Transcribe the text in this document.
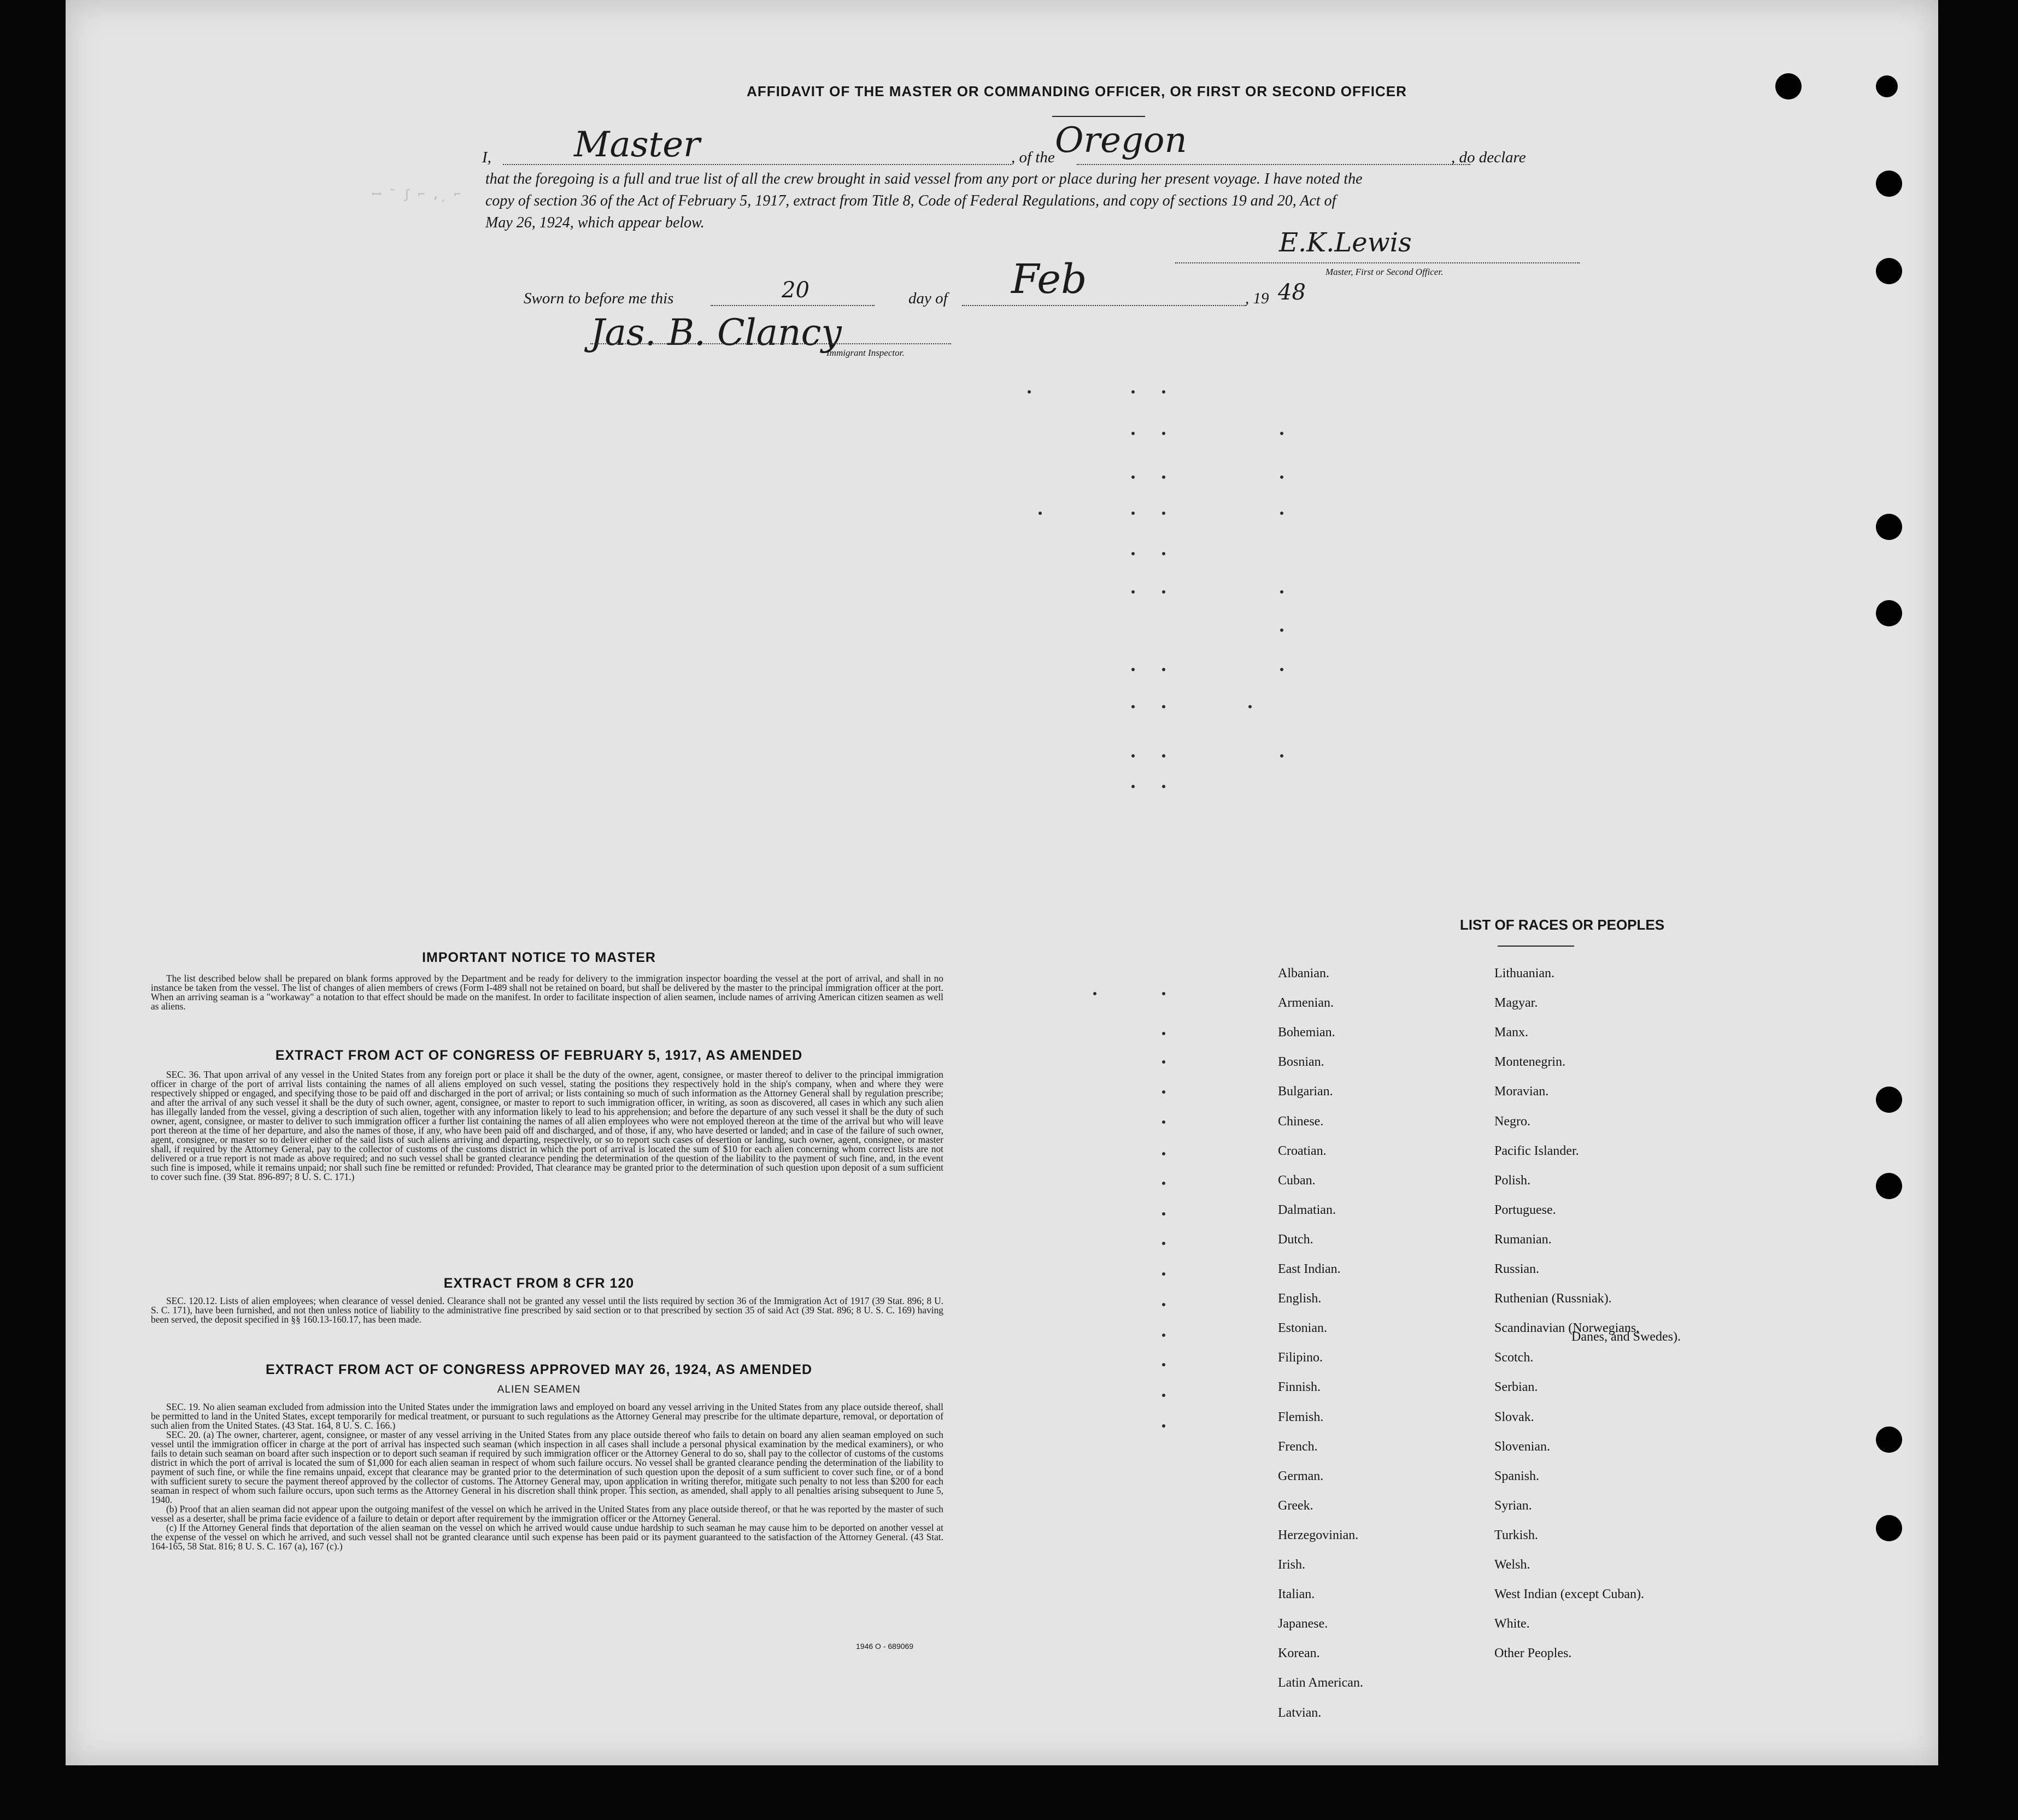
AFFIDAVIT OF THE MASTER OR COMMANDING OFFICER, OR FIRST OR SECOND OFFICER
I, Master	, of the Oregon	, do declare
that the foregoing is a full and true list of all the crew brought in said vessel from any port or place during her present voyage. I have noted the
copy of section 36 of the Act of February 5, 1917, extract from Title 8, Code of Federal Regulations, and copy of sections 19 and 20, Act of
May 26, 1924, which appear below.
E.K.Lewis
Master, First or Second Officer.
Sworn to before me this	20	day of Feb	, 19 48
Jas. B. Clancy
Immigrant Inspector.
ꟷ ˜ ʃ ⌐ ,ˏ ⌐
IMPORTANT NOTICE TO MASTER

The list described below shall be prepared on blank forms approved by the Department and be ready for delivery to the immigration inspector boarding the vessel at the port of arrival, and shall in no instance be taken from the vessel. The list of changes of alien members of crews (Form I-489 shall not be retained on board, but shall be delivered by the master to the principal immigration officer at the port. When an arriving seaman is a "workaway" a notation to that effect should be made on the manifest. In order to facilitate inspection of alien seamen, include names of arriving American citizen seamen as well as aliens.

EXTRACT FROM ACT OF CONGRESS OF FEBRUARY 5, 1917, AS AMENDED

SEC. 36. That upon arrival of any vessel in the United States from any foreign port or place it shall be the duty of the owner, agent, consignee, or master thereof to deliver to the principal immigration officer in charge of the port of arrival lists containing the names of all aliens employed on such vessel, stating the positions they respectively hold in the ship's company, when and where they were respectively shipped or engaged, and specifying those to be paid off and discharged in the port of arrival; or lists containing so much of such information as the Attorney General shall by regulation prescribe; and after the arrival of any such vessel it shall be the duty of such owner, agent, consignee, or master to report to such immigration officer, in writing, as soon as discovered, all cases in which any such alien has illegally landed from the vessel, giving a description of such alien, together with any information likely to lead to his apprehension; and before the departure of any such vessel it shall be the duty of such owner, agent, consignee, or master to deliver to such immigration officer a further list containing the names of all alien employees who were not employed thereon at the time of the arrival but who will leave port thereon at the time of her departure, and also the names of those, if any, who have been paid off and discharged, and of those, if any, who have deserted or landed; and in case of the failure of such owner, agent, consignee, or master so to deliver either of the said lists of such aliens arriving and departing, respectively, or so to report such cases of desertion or landing, such owner, agent, consignee, or master shall, if required by the Attorney General, pay to the collector of customs of the customs district in which the port of arrival is located the sum of $10 for each alien concerning whom correct lists are not delivered or a true report is not made as above required; and no such vessel shall be granted clearance pending the determination of the question of the liability to the payment of such fine, and, in the event such fine is imposed, while it remains unpaid; nor shall such fine be remitted or refunded: Provided, That clearance may be granted prior to the determination of such question upon deposit of a sum sufficient to cover such fine. (39 Stat. 896-897; 8 U. S. C. 171.)

EXTRACT FROM 8 CFR 120

SEC. 120.12. Lists of alien employees; when clearance of vessel denied. Clearance shall not be granted any vessel until the lists required by section 36 of the Immigration Act of 1917 (39 Stat. 896; 8 U. S. C. 171), have been furnished, and not then unless notice of liability to the administrative fine prescribed by said section or to that prescribed by section 35 of said Act (39 Stat. 896; 8 U. S. C. 169) having been served, the deposit specified in §§ 160.13-160.17, has been made.

EXTRACT FROM ACT OF CONGRESS APPROVED MAY 26, 1924, AS AMENDED
ALIEN SEAMEN

SEC. 19. No alien seaman excluded from admission into the United States under the immigration laws and employed on board any vessel arriving in the United States from any place outside thereof, shall be permitted to land in the United States, except temporarily for medical treatment, or pursuant to such regulations as the Attorney General may prescribe for the ultimate departure, removal, or deportation of such alien from the United States. (43 Stat. 164, 8 U. S. C. 166.)

SEC. 20. (a) The owner, charterer, agent, consignee, or master of any vessel arriving in the United States from any place outside thereof who fails to detain on board any alien seaman employed on such vessel until the immigration officer in charge at the port of arrival has inspected such seaman (which inspection in all cases shall include a personal physical examination by the medical examiners), or who fails to detain such seaman on board after such inspection or to deport such seaman if required by such immigration officer or the Attorney General to do so, shall pay to the collector of customs of the customs district in which the port of arrival is located the sum of $1,000 for each alien seaman in respect of whom such failure occurs. No vessel shall be granted clearance pending the determination of the liability to payment of such fine, or while the fine remains unpaid, except that clearance may be granted prior to the determination of such question upon the deposit of a sum sufficient to cover such fine, or of a bond with sufficient surety to secure the payment thereof approved by the collector of customs. The Attorney General may, upon application in writing therefor, mitigate such penalty to not less than $200 for each seaman in respect of whom such failure occurs, upon such terms as the Attorney General in his discretion shall think proper. This section, as amended, shall apply to all penalties arising subsequent to June 5, 1940.

(b) Proof that an alien seaman did not appear upon the outgoing manifest of the vessel on which he arrived in the United States from any place outside thereof, or that he was reported by the master of such vessel as a deserter, shall be prima facie evidence of a failure to detain or deport after requirement by the immigration officer or the Attorney General.

(c) If the Attorney General finds that deportation of the alien seaman on the vessel on which he arrived would cause undue hardship to such seaman he may cause him to be deported on another vessel at the expense of the vessel on which he arrived, and such vessel shall not be granted clearance until such expense has been paid or its payment guaranteed to the satisfaction of the Attorney General. (43 Stat. 164-165, 58 Stat. 816; 8 U. S. C. 167 (a), 167 (c).)

1946 O - 689069
LIST OF RACES OR PEOPLES
Albanian.
Armenian.
Bohemian.
Bosnian.
Bulgarian.
Chinese.
Croatian.
Cuban.
Dalmatian.
Dutch.
East Indian.
English.
Estonian.
Filipino.
Finnish.
Flemish.
French.
German.
Greek.
Herzegovinian.
Irish.
Italian.
Japanese.
Korean.
Latin American.
Latvian.
Lithuanian.
Magyar.
Manx.
Montenegrin.
Moravian.
Negro.
Pacific Islander.
Polish.
Portuguese.
Rumanian.
Russian.
Ruthenian (Russniak).
Scandinavian (Norwegians,
Scotch.
Serbian.
Slovak.
Slovenian.
Spanish.
Syrian.
Turkish.
Welsh.
West Indian (except Cuban).
White.
Other Peoples.
Danes, and Swedes).
